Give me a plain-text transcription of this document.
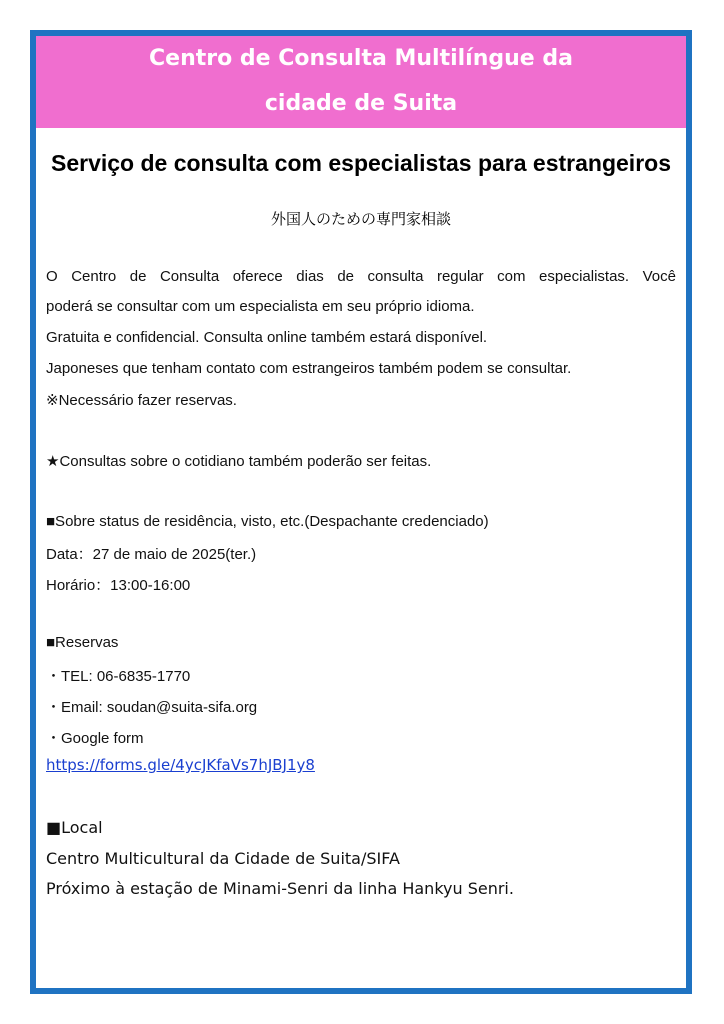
Centro de Consulta Multilíngue da
cidade de Suita
Serviço de consulta com especialistas para estrangeiros
外国人のための専門家相談
O Centro de Consulta oferece dias de consulta regular com especialistas. Você
poderá se consultar com um especialista em seu próprio idioma.
Gratuita e confidencial. Consulta online também estará disponível.
Japoneses que tenham contato com estrangeiros também podem se consultar.
※Necessário fazer reservas.
★Consultas sobre o cotidiano também poderão ser feitas.
■Sobre status de residência, visto, etc.(Despachante credenciado)
Data：27 de maio de 2025(ter.)
Horário：13:00-16:00
■Reservas
・TEL: 06-6835-1770
・Email: soudan@suita-sifa.org
・Google form
https://forms.gle/4ycJKfaVs7hJBJ1y8
■Local
Centro Multicultural da Cidade de Suita/SIFA
Próximo à estação de Minami-Senri da linha Hankyu Senri.
